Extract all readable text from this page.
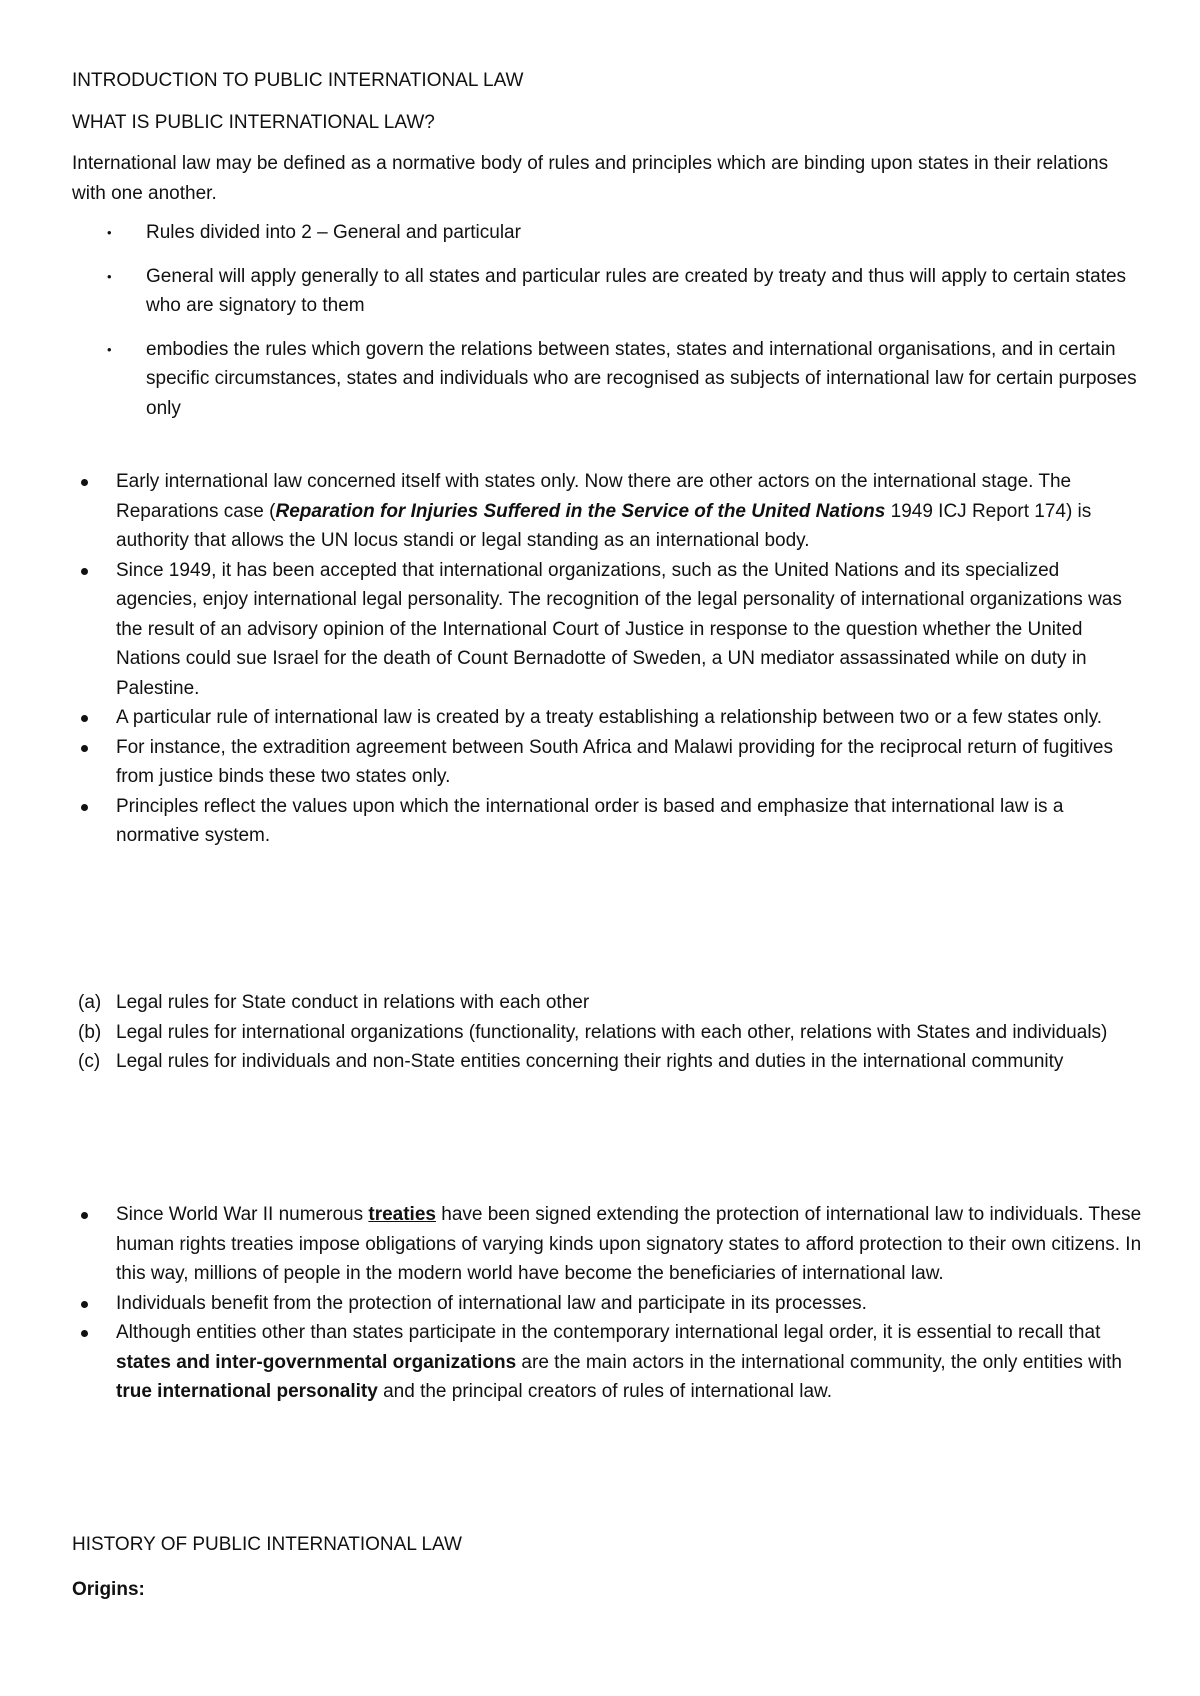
INTRODUCTION TO PUBLIC INTERNATIONAL LAW

WHAT IS PUBLIC INTERNATIONAL LAW?

International law may be defined as a normative body of rules and principles which are binding upon states in their relations with one another.

• Rules divided into 2 – General and particular
• General will apply generally to all states and particular rules are created by treaty and thus will apply to certain states who are signatory to them
• embodies the rules which govern the relations between states, states and international organisations, and in certain specific circumstances, states and individuals who are recognised as subjects of international law for certain purposes only
Early international law concerned itself with states only. Now there are other actors on the international stage. The Reparations case (Reparation for Injuries Suffered in the Service of the United Nations 1949 ICJ Report 174) is authority that allows the UN locus standi or legal standing as an international body.
Since 1949, it has been accepted that international organizations, such as the United Nations and its specialized agencies, enjoy international legal personality. The recognition of the legal personality of international organizations was the result of an advisory opinion of the International Court of Justice in response to the question whether the United Nations could sue Israel for the death of Count Bernadotte of Sweden, a UN mediator assassinated while on duty in Palestine.
A particular rule of international law is created by a treaty establishing a relationship between two or a few states only.
For instance, the extradition agreement between South Africa and Malawi providing for the reciprocal return of fugitives from justice binds these two states only.
Principles reflect the values upon which the international order is based and emphasize that international law is a normative system.
(a) Legal rules for State conduct in relations with each other
(b) Legal rules for international organizations (functionality, relations with each other, relations with States and individuals)
(c) Legal rules for individuals and non-State entities concerning their rights and duties in the international community
Since World War II numerous treaties have been signed extending the protection of international law to individuals. These human rights treaties impose obligations of varying kinds upon signatory states to afford protection to their own citizens. In this way, millions of people in the modern world have become the beneficiaries of international law.
Individuals benefit from the protection of international law and participate in its processes.
Although entities other than states participate in the contemporary international legal order, it is essential to recall that states and inter-governmental organizations are the main actors in the international community, the only entities with true international personality and the principal creators of rules of international law.

HISTORY OF PUBLIC INTERNATIONAL LAW

Origins:
